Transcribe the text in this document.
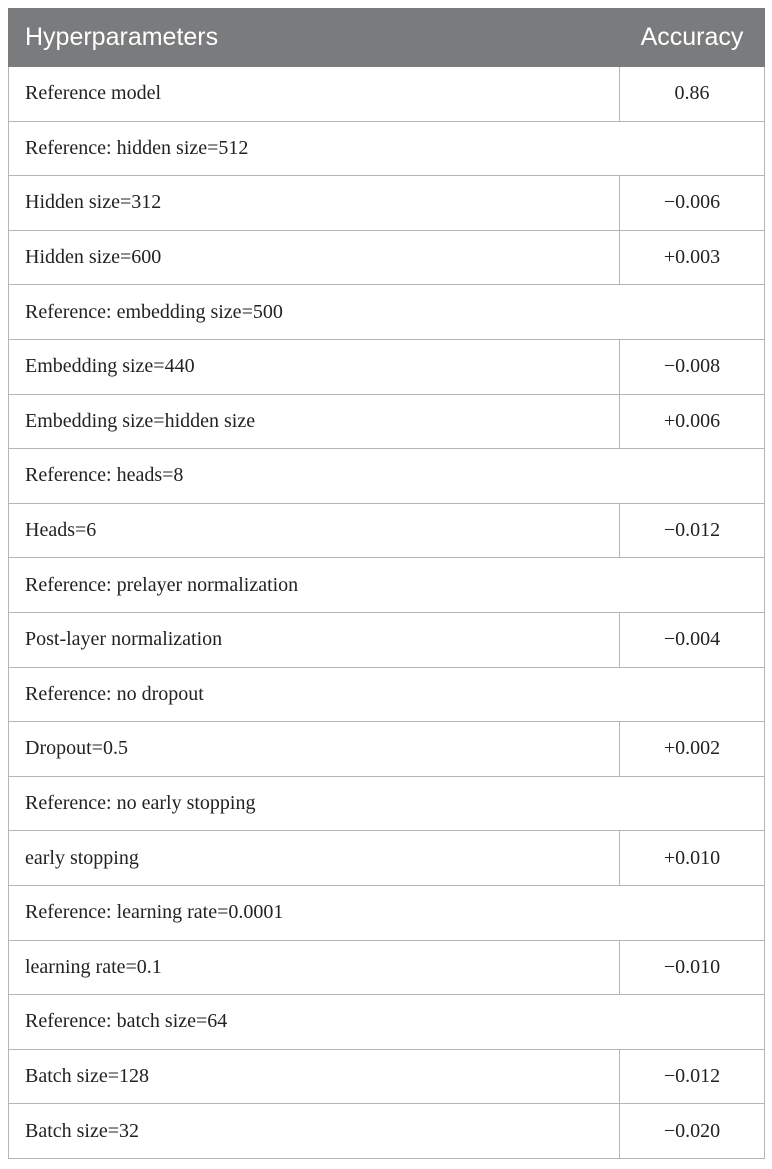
Hyperparameters	Accuracy
Reference model	0.86
Reference: hidden size=512	
Hidden size=312	−0.006
Hidden size=600	+0.003
Reference: embedding size=500	
Embedding size=440	−0.008
Embedding size=hidden size	+0.006
Reference: heads=8	
Heads=6	−0.012
Reference: prelayer normalization	
Post-layer normalization	−0.004
Reference: no dropout	
Dropout=0.5	+0.002
Reference: no early stopping	
early stopping	+0.010
Reference: learning rate=0.0001	
learning rate=0.1	−0.010
Reference: batch size=64	
Batch size=128	−0.012
Batch size=32	−0.020
